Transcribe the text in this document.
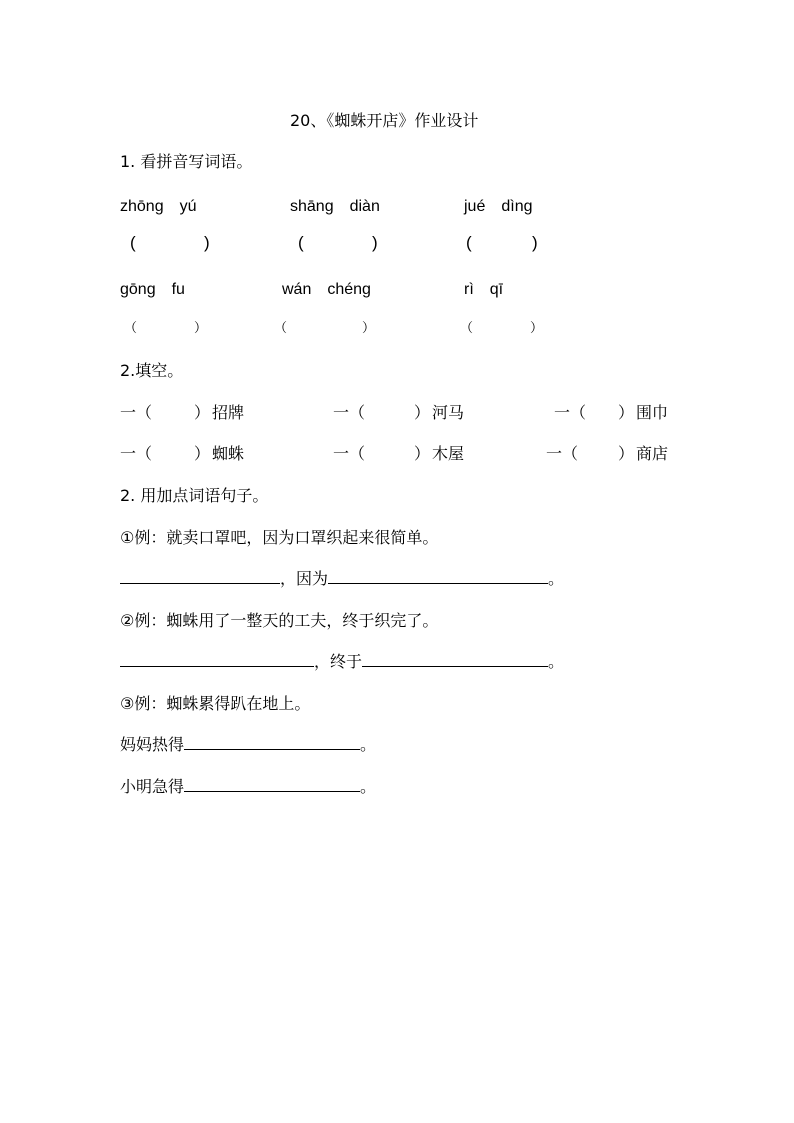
20、《蜘蛛开店》作业设计
1. 看拼音写词语。
zhōng　yú	shāng　diàn	jué　dìng
(	)	(	)	(	)
gōng　fu	wán　chéng	rì　qī
（	）	（	）	（	）
2.填空。
一（	） 招牌	一（	） 河马	一（ ） 围巾
一（	） 蜘蛛	一（	） 木屋	一（ ） 商店
2. 用加点词语句子。
①例：就卖口罩吧，因为口罩织起来很简单。
，因为	。
②例：蜘蛛用了一整天的工夫，终于织完了。
，终于	。
③例：蜘蛛累得趴在地上。
妈妈热得	。
小明急得	。
